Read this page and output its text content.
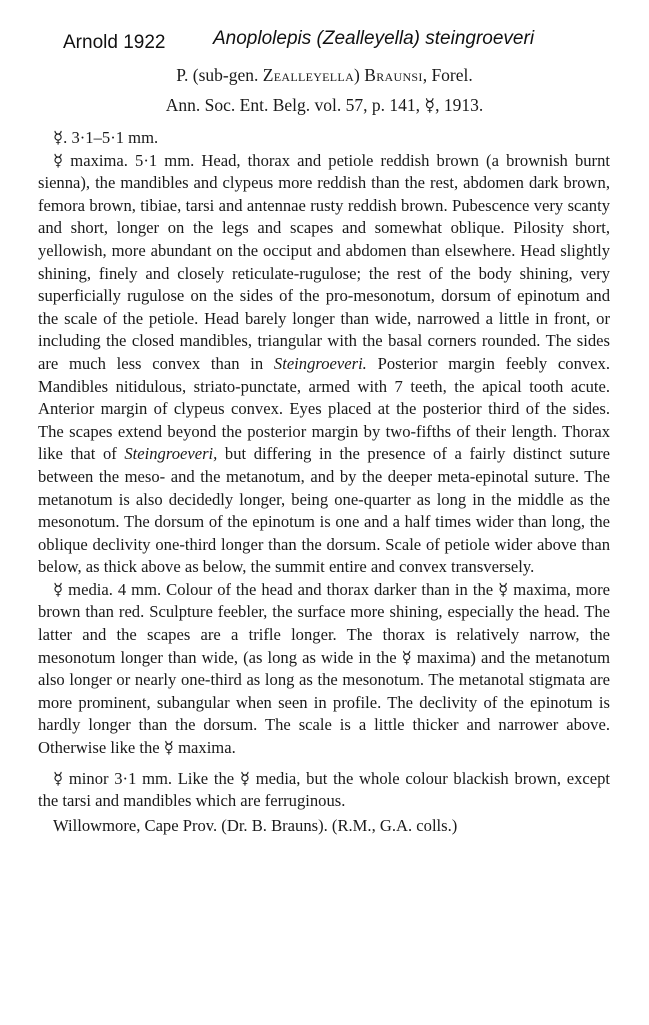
Arnold 1922	Anoplolepis (Zealleyella) steingroeveri
P. (sub-gen. Zealleyella) Braunsi, Forel.
Ann. Soc. Ent. Belg. vol. 57, p. 141, ☿, 1913.

☿. 3·1–5·1 mm.

☿ maxima. 5·1 mm. Head, thorax and petiole reddish brown (a brownish burnt sienna), the mandibles and clypeus more reddish than the rest, abdomen dark brown, femora brown, tibiae, tarsi and antennae rusty reddish brown. Pubescence very scanty and short, longer on the legs and scapes and somewhat oblique. Pilosity short, yellowish, more abundant on the occiput and abdomen than elsewhere. Head slightly shining, finely and closely reticulate-rugulose; the rest of the body shining, very superficially rugulose on the sides of the pro-mesonotum, dorsum of epinotum and the scale of the petiole. Head barely longer than wide, narrowed a little in front, or including the closed mandibles, triangular with the basal corners rounded. The sides are much less convex than in Steingroeveri. Posterior margin feebly convex. Mandibles nitidulous, striato-punctate, armed with 7 teeth, the apical tooth acute. Anterior margin of clypeus convex. Eyes placed at the posterior third of the sides. The scapes extend beyond the posterior margin by two-fifths of their length. Thorax like that of Steingroeveri, but differing in the presence of a fairly distinct suture between the meso- and the metanotum, and by the deeper meta-epinotal suture. The metanotum is also decidedly longer, being one-quarter as long in the middle as the mesonotum. The dorsum of the epinotum is one and a half times wider than long, the oblique declivity one-third longer than the dorsum. Scale of petiole wider above than below, as thick above as below, the summit entire and convex transversely.

☿ media. 4 mm. Colour of the head and thorax darker than in the ☿ maxima, more brown than red. Sculpture feebler, the surface more shining, especially the head. The latter and the scapes are a trifle longer. The thorax is relatively narrow, the mesonotum longer than wide, (as long as wide in the ☿ maxima) and the metanotum also longer or nearly one-third as long as the mesonotum. The metanotal stigmata are more prominent, subangular when seen in profile. The declivity of the epinotum is hardly longer than the dorsum. The scale is a little thicker and narrower above. Otherwise like the ☿ maxima.

☿ minor 3·1 mm. Like the ☿ media, but the whole colour blackish brown, except the tarsi and mandibles which are ferruginous.

Willowmore, Cape Prov. (Dr. B. Brauns). (R.M., G.A. colls.)
